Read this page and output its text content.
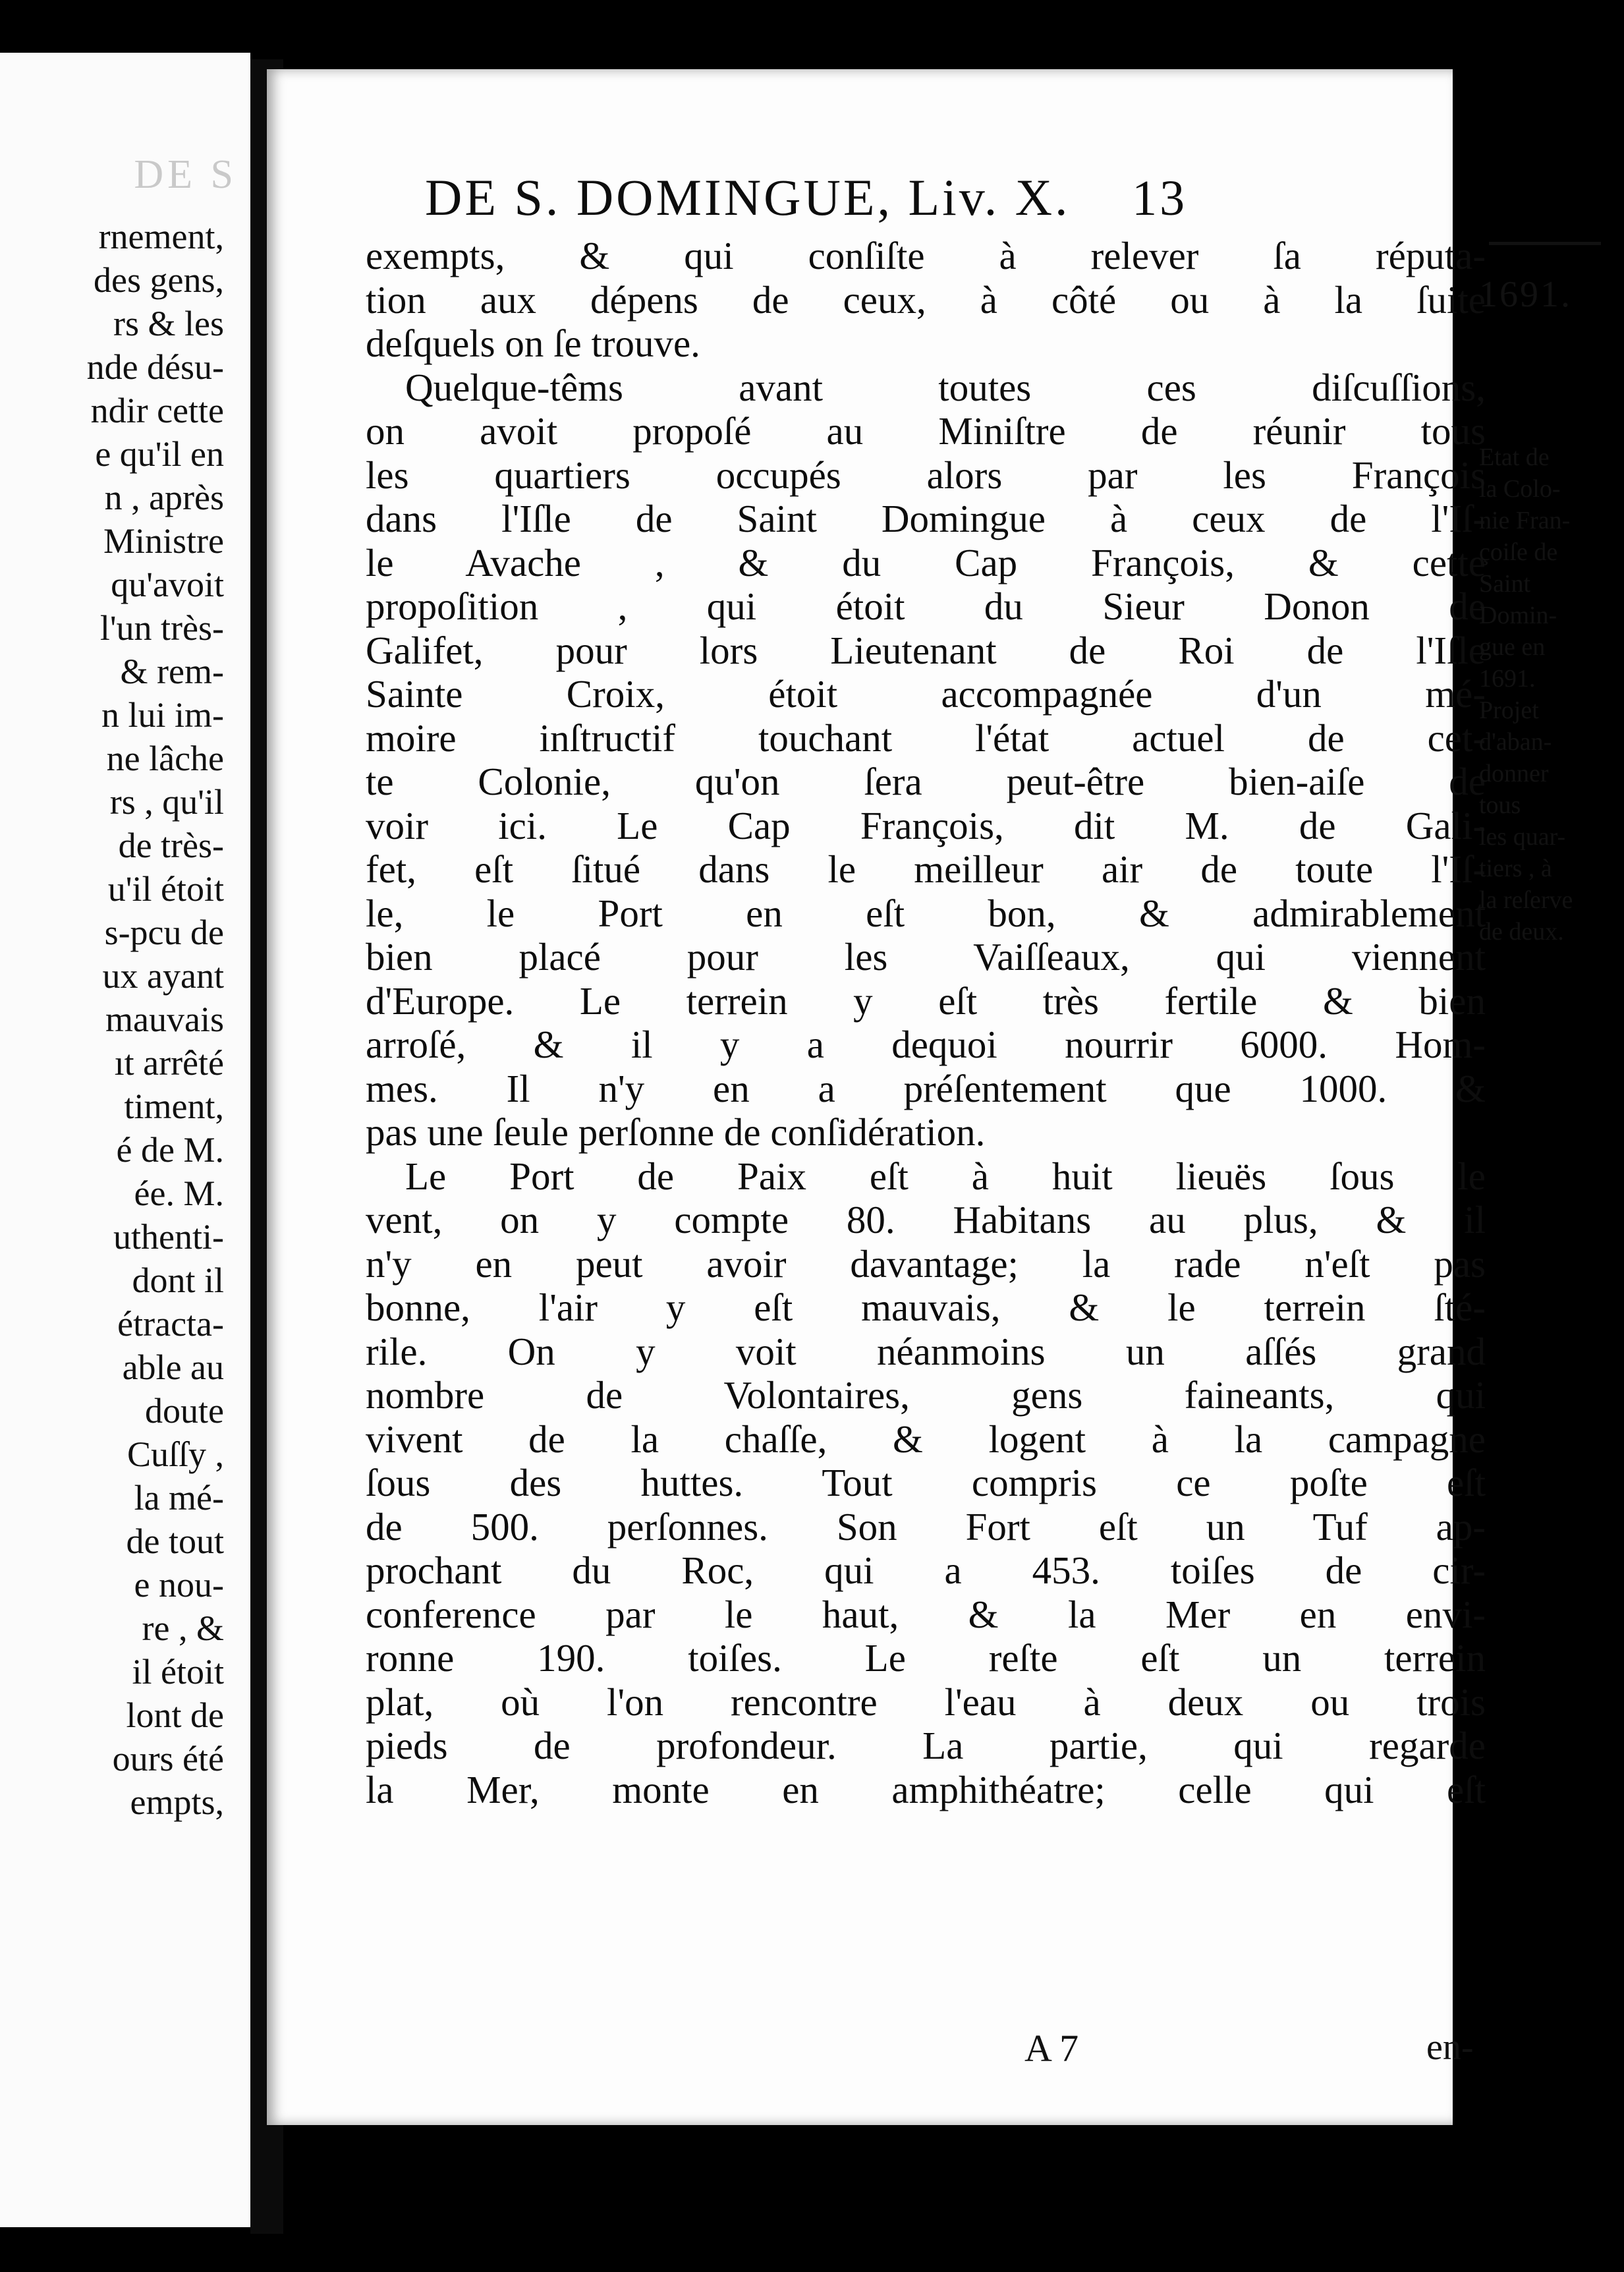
DE S
rnement,
des gens,
rs & les
nde désu-
ndir cette
e qu'il en
n , après
Ministre
qu'avoit
l'un très-
& rem-
n lui im-
ne lâche
rs , qu'il
de très-
u'il étoit
s-pcu de
ux ayant
mauvais
ıt arrêté
timent,
é de M.
ée. M.
uthenti-
dont il
étracta-
able au
doute
Cuſſy ,
la mé-
de tout
e nou-
re , &
il étoit
lont de
ours été
empts,
DE S. DOMINGUE, Liv. X. 13
exempts, & qui conſiſte à relever ſa réputa-
tion aux dépens de ceux, à côté ou à la ſuite
deſquels on ſe trouve.
Quelque-têms avant toutes ces diſcuſſions,
on avoit propoſé au Miniſtre de réunir tous
les quartiers occupés alors par les François
dans l'Iſle de Saint Domingue à ceux de l'Iſ-
le Avache , & du Cap François, & cette
propoſition , qui étoit du Sieur Donon de
Galifet, pour lors Lieutenant de Roi de l'Iſle
Sainte Croix, étoit accompagnée d'un mé-
moire inſtructif touchant l'état actuel de cet-
te Colonie, qu'on ſera peut-être bien-aiſe de
voir ici. Le Cap François, dit M. de Gali-
fet, eſt ſitué dans le meilleur air de toute l'Iſ-
le, le Port en eſt bon, & admirablement
bien placé pour les Vaiſſeaux, qui viennent
d'Europe. Le terrein y eſt très fertile & bien
arroſé, & il y a dequoi nourrir 6000. Hom-
mes. Il n'y en a préſentement que 1000. &
pas une ſeule perſonne de conſidération.
Le Port de Paix eſt à huit lieuës ſous le
vent, on y compte 80. Habitans au plus, & il
n'y en peut avoir davantage; la rade n'eſt pas
bonne, l'air y eſt mauvais, & le terrein ſté-
rile. On y voit néanmoins un aſſés grand
nombre de Volontaires, gens faineants, qui
vivent de la chaſſe, & logent à la campagne
ſous des huttes. Tout compris ce poſte eſt
de 500. perſonnes. Son Fort eſt un Tuf ap-
prochant du Roc, qui a 453. toiſes de cir-
conference par le haut, & la Mer en envi-
ronne 190. toiſes. Le reſte eſt un terrein
plat, où l'on rencontre l'eau à deux ou trois
pieds de profondeur. La partie, qui regarde
la Mer, monte en amphithéatre; celle qui eſt
1691.
Etat de
la Colo-
nie Fran-
çoiſe de
Saint
Domin-
gue en
1691.
Projet
d'aban-
donner
tous
les quar-
tiers , à
la reſerve
de deux.
A 7	en-
